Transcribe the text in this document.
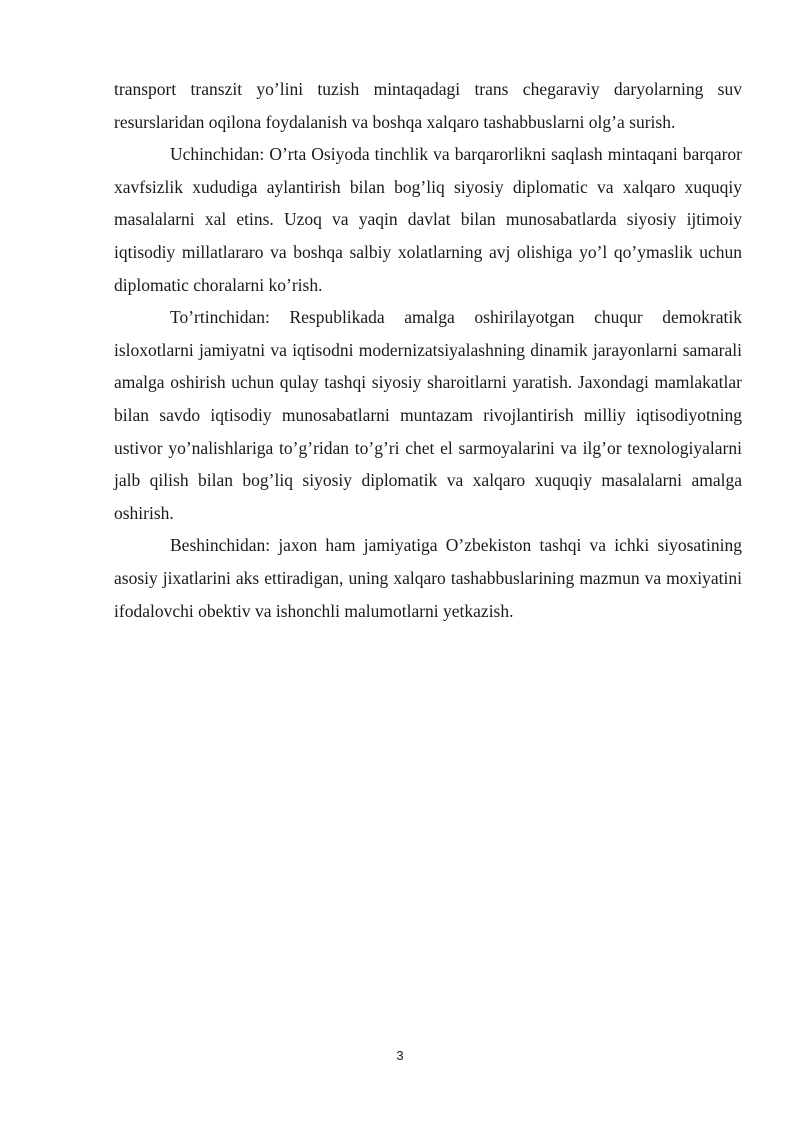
transport transzit yo’lini tuzish mintaqadagi trans chegaraviy daryolarning suv resurslaridan oqilona foydalanish va boshqa xalqaro tashabbuslarni olg’a surish.

Uchinchidan: O’rta Osiyoda tinchlik va barqarorlikni saqlash mintaqani barqaror xavfsizlik xududiga aylantirish bilan bog’liq siyosiy diplomatic va xalqaro xuquqiy masalalarni xal etins. Uzoq va yaqin davlat bilan munosabatlarda siyosiy ijtimoiy iqtisodiy millatlararo va boshqa salbiy xolatlarning avj olishiga yo’l qo’ymaslik uchun diplomatic choralarni ko’rish.

To’rtinchidan: Respublikada amalga oshirilayotgan chuqur demokratik isloxotlarni jamiyatni va iqtisodni modernizatsiyalashning dinamik jarayonlarni samarali amalga oshirish uchun qulay tashqi siyosiy sharoitlarni yaratish. Jaxondagi mamlakatlar bilan savdo iqtisodiy munosabatlarni muntazam rivojlantirish milliy iqtisodiyotning ustivor yo’nalishlariga to’g’ridan to’g’ri chet el sarmoyalarini va ilg’or texnologiyalarni jalb qilish bilan bog’liq siyosiy diplomatik va xalqaro xuquqiy masalalarni amalga oshirish.

Beshinchidan: jaxon ham jamiyatiga O’zbekiston tashqi va ichki siyosatining asosiy jixatlarini aks ettiradigan, uning xalqaro tashabbuslarining mazmun va moxiyatini ifodalovchi obektiv va ishonchli malumotlarni yetkazish.

3
